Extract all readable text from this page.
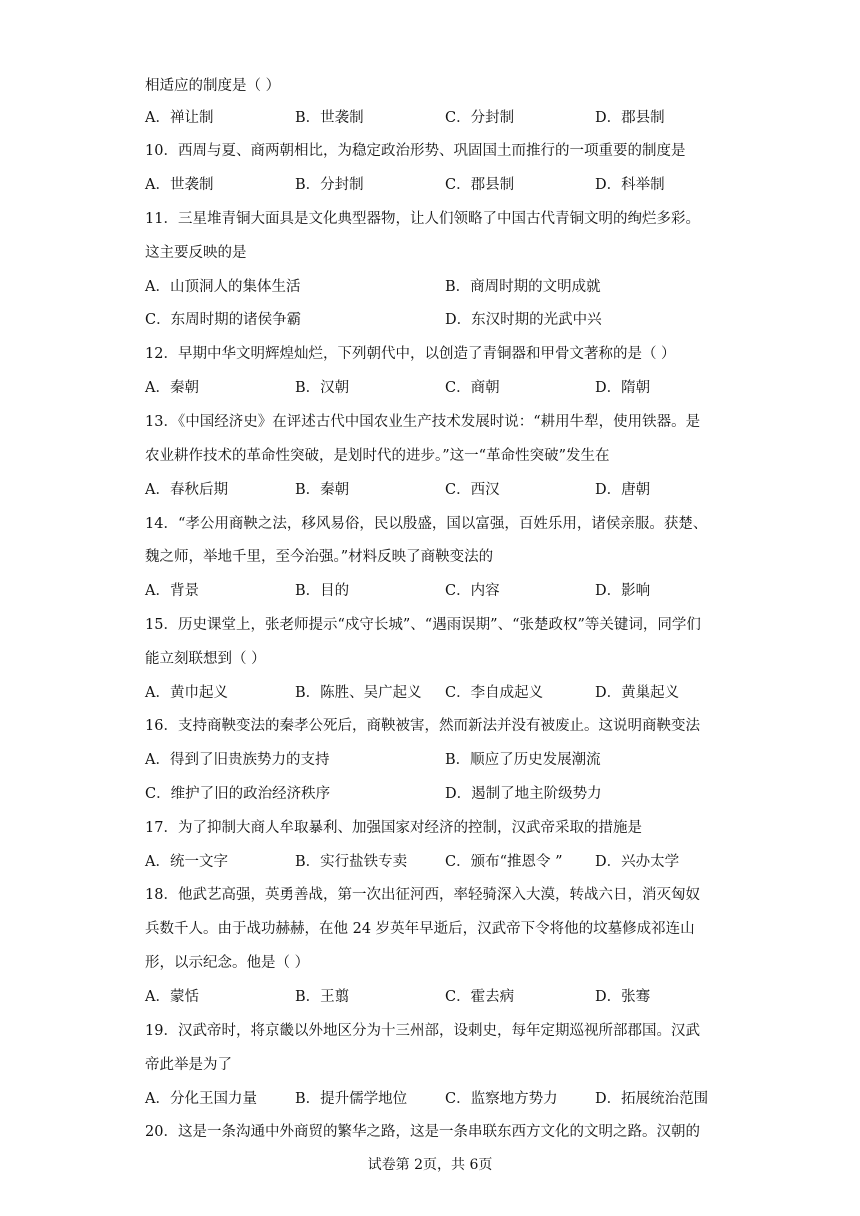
相适应的制度是（ ）
A．禅让制	B．世袭制	C．分封制	D．郡县制
10．西周与夏、商两朝相比，为稳定政治形势、巩固国土而推行的一项重要的制度是
A．世袭制	B．分封制	C．郡县制	D．科举制
11．三星堆青铜大面具是文化典型器物，让人们领略了中国古代青铜文明的绚烂多彩。
这主要反映的是
A．山顶洞人的集体生活	B．商周时期的文明成就
C．东周时期的诸侯争霸	D．东汉时期的光武中兴
12．早期中华文明辉煌灿烂，下列朝代中，以创造了青铜器和甲骨文著称的是（ ）
A．秦朝	B．汉朝	C．商朝	D．隋朝
13．《中国经济史》在评述古代中国农业生产技术发展时说：“耕用牛犁，使用铁器。是
农业耕作技术的革命性突破，是划时代的进步。”这一“革命性突破”发生在
A．春秋后期	B．秦朝	C．西汉	D．唐朝
14．“孝公用商鞅之法，移风易俗，民以殷盛，国以富强，百姓乐用，诸侯亲服。获楚、
魏之师，举地千里，至今治强。”材料反映了商鞅变法的
A．背景	B．目的	C．内容	D．影响
15．历史课堂上，张老师提示“戍守长城”、“遇雨误期”、“张楚政权”等关键词，同学们
能立刻联想到（ ）
A．黄巾起义	B．陈胜、吴广起义 C．李自成起义	D．黄巢起义
16．支持商鞅变法的秦孝公死后，商鞅被害，然而新法并没有被废止。这说明商鞅变法
A．得到了旧贵族势力的支持	B．顺应了历史发展潮流
C．维护了旧的政治经济秩序	D．遏制了地主阶级势力
17．为了抑制大商人牟取暴利、加强国家对经济的控制，汉武帝采取的措施是
A．统一文字	B．实行盐铁专卖	C．颁布“推恩令 ” D．兴办太学
18．他武艺高强，英勇善战，第一次出征河西，率轻骑深入大漠，转战六日，消灭匈奴
兵数千人。由于战功赫赫，在他 24 岁英年早逝后，汉武帝下令将他的坟墓修成祁连山
形，以示纪念。他是（ ）
A．蒙恬	B．王翦	C．霍去病	D．张骞
19．汉武帝时，将京畿以外地区分为十三州部，设刺史，每年定期巡视所部郡国。汉武
帝此举是为了
A．分化王国力量	B．提升儒学地位	C．监察地方势力	D．拓展统治范围
20．这是一条沟通中外商贸的繁华之路，这是一条串联东西方文化的文明之路。汉朝的
试卷第 2页，共 6页
